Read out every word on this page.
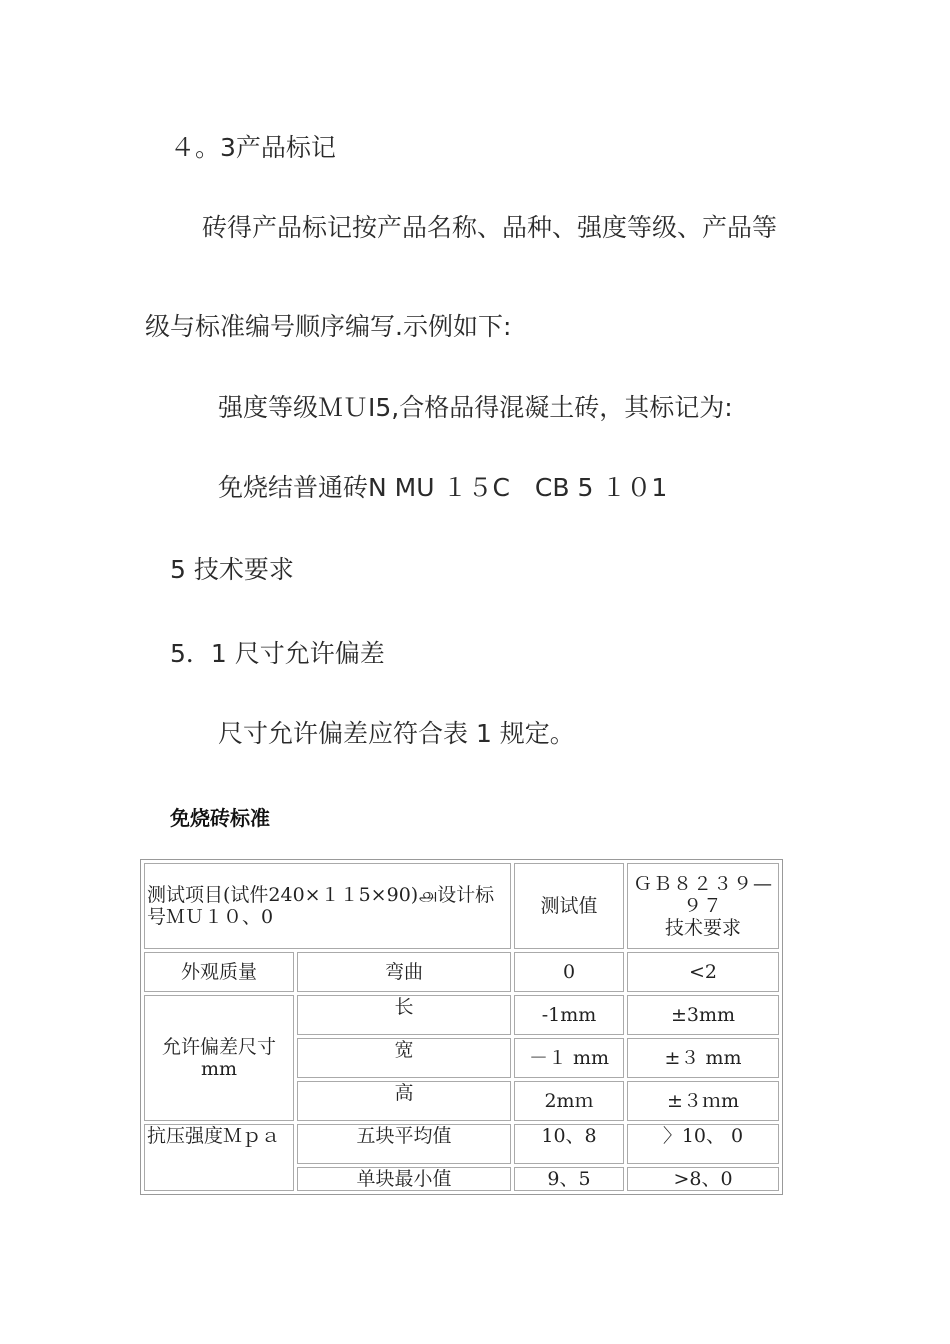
４。3产品标记
砖得产品标记按产品名称、品种、强度等级、产品等
级与标准编号顺序编写.示例如下:
强度等级ＭＵI5,合格品得混凝土砖，其标记为:
免烧结普通砖N MU １５C　CB 5 １０1
5 技术要求
5．1 尺寸允许偏差
尺寸允许偏差应符合表 1 规定。
免烧砖标准
测试项目(试件240×１１5×90)௮设计标号ＭＵ１０、0		测试值	ＧＢ８２３９—９７
技术要求

外观质量	弯曲	0	<2
允许偏差尺寸mm	长	-1mm	±3mm
	宽	－１ mm	±３ mm
	高	2mｍ	±３ｍm
抗压强度Ｍｐａ	五块平均值	10、8	〉10、 0
	单块最小值	9、5	>8、0
